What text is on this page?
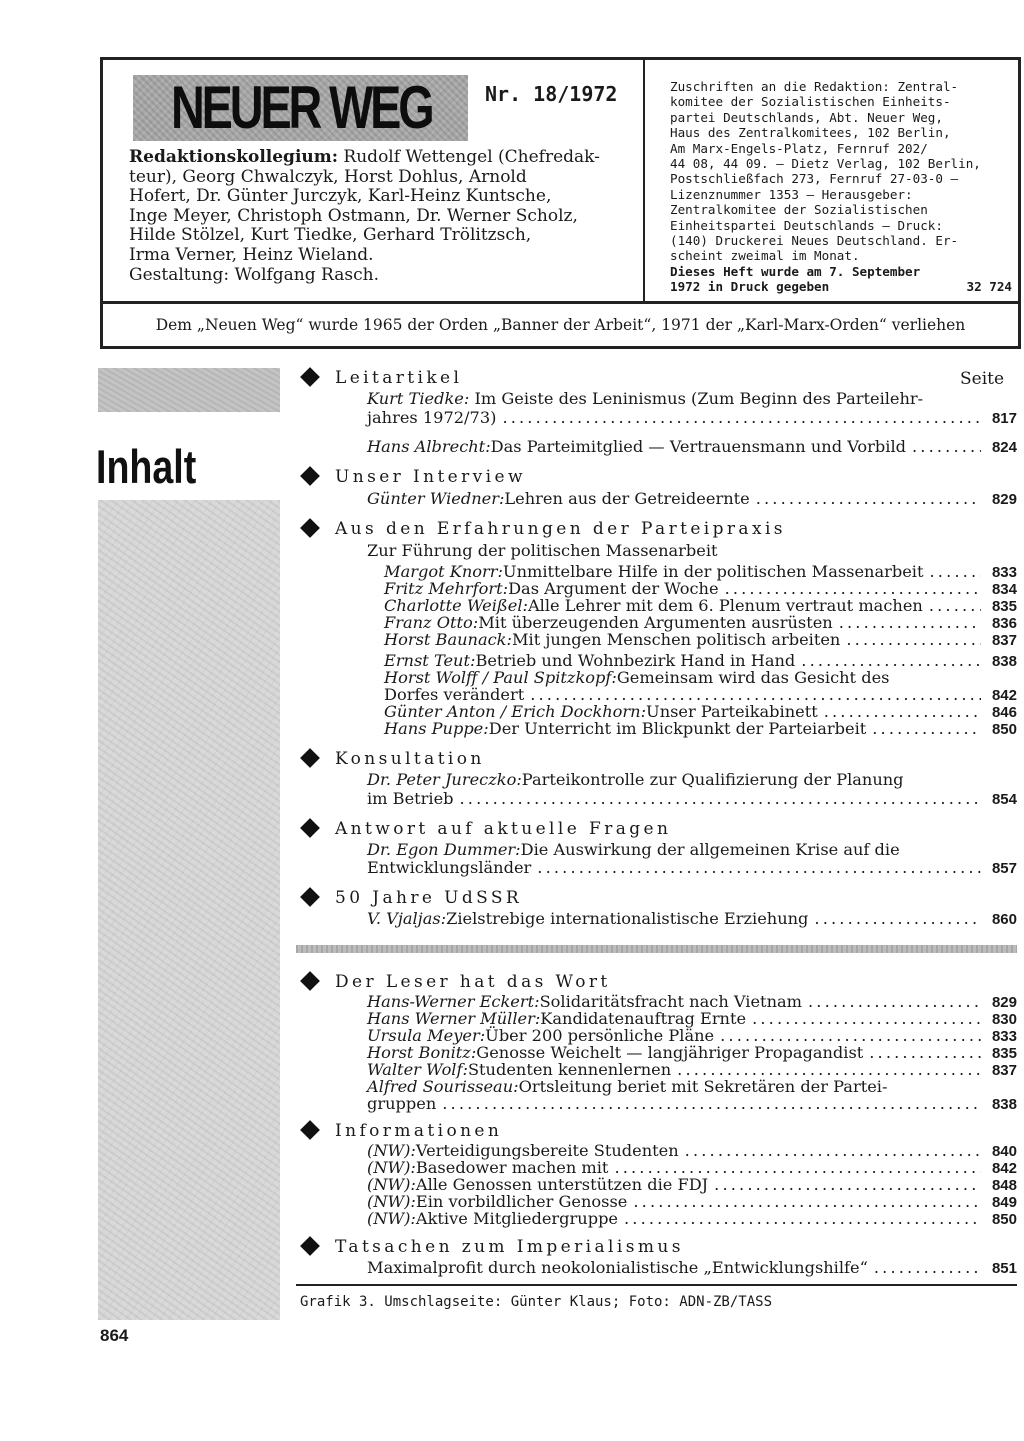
NEUER WEG	Nr. 18/1972
Redaktionskollegium: Rudolf Wettengel (Chefredak-
teur), Georg Chwalczyk, Horst Dohlus, Arnold
Hofert, Dr. Günter Jurczyk, Karl-Heinz Kuntsche,
Inge Meyer, Christoph Ostmann, Dr. Werner Scholz,
Hilde Stölzel, Kurt Tiedke, Gerhard Trölitzsch,
Irma Verner, Heinz Wieland.
Gestaltung: Wolfgang Rasch.
Zuschriften an die Redaktion: Zentral-
komitee der Sozialistischen Einheits-
partei Deutschlands, Abt. Neuer Weg,
Haus des Zentralkomitees, 102 Berlin,
Am Marx-Engels-Platz, Fernruf 202/
44 08, 44 09. — Dietz Verlag, 102 Berlin,
Postschließfach 273, Fernruf 27-03-0 —
Lizenznummer 1353 — Herausgeber:
Zentralkomitee der Sozialistischen
Einheitspartei Deutschlands — Druck:
(140) Druckerei Neues Deutschland. Er-
scheint zweimal im Monat.
Dieses Heft wurde am 7. September
1972 in Druck gegeben	32 724
Dem „Neuen Weg“ wurde 1965 der Orden „Banner der Arbeit“, 1971 der „Karl-Marx-Orden“ verliehen
Inhalt
Seite
Leitartikel
Unser Interview
Aus den Erfahrungen der Parteipraxis
Konsultation
Antwort auf aktuelle Fragen
50 Jahre UdSSR
Der Leser hat das Wort
Informationen
Tatsachen zum Imperialismus
Kurt Tiedke: Im Geiste des Leninismus (Zum Beginn des Parteilehr-
jahres 1972/73) . . .	817
Hans Albrecht: Das Parteimitglied — Vertrauensmann und Vorbild . . .	824
Günter Wiedner: Lehren aus der Getreideernte . . .	829
Zur Führung der politischen Massenarbeit
Margot Knorr: Unmittelbare Hilfe in der politischen Massenarbeit . . .	833
Fritz Mehrfort: Das Argument der Woche . . .	834
Charlotte Weißel: Alle Lehrer mit dem 6. Plenum vertraut machen . . .	835
Franz Otto: Mit überzeugenden Argumenten ausrüsten . . .	836
Horst Baunack: Mit jungen Menschen politisch arbeiten . . .	837
Ernst Teut: Betrieb und Wohnbezirk Hand in Hand . . .	838
Horst Wolff / Paul Spitzkopf: Gemeinsam wird das Gesicht des
Dorfes verändert . . .	842
Günter Anton / Erich Dockhorn: Unser Parteikabinett . . .	846
Hans Puppe: Der Unterricht im Blickpunkt der Parteiarbeit . . .	850
Dr. Peter Jureczko: Parteikontrolle zur Qualifizierung der Planung
im Betrieb . . .	854
Dr. Egon Dummer: Die Auswirkung der allgemeinen Krise auf die
Entwicklungsländer . . .	857
V. Vjaljas: Zielstrebige internationalistische Erziehung . . .	860
Hans-Werner Eckert: Solidaritätsfracht nach Vietnam . . .	829
Hans Werner Müller: Kandidatenauftrag Ernte . . .	830
Ursula Meyer: Über 200 persönliche Pläne . . .	833
Horst Bonitz: Genosse Weichelt — langjähriger Propagandist . . .	835
Walter Wolf: Studenten kennenlernen . . .	837
Alfred Sourisseau: Ortsleitung beriet mit Sekretären der Partei-
gruppen . . .	838
(NW): Verteidigungsbereite Studenten . . .	840
(NW): Basedower machen mit . . .	842
(NW): Alle Genossen unterstützen die FDJ . . .	848
(NW): Ein vorbildlicher Genosse . . .	849
(NW): Aktive Mitgliedergruppe . . .	850
Maximalprofit durch neokolonialistische „Entwicklungshilfe“ . . .	851
Grafik 3. Umschlagseite: Günter Klaus; Foto: ADN-ZB/TASS
864
